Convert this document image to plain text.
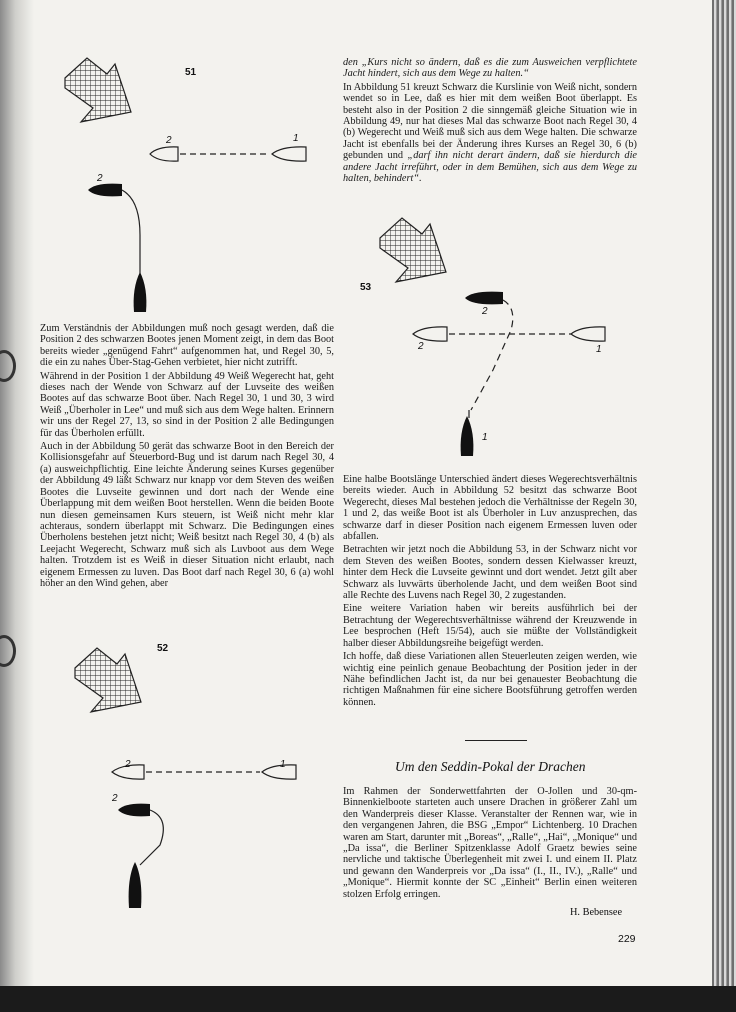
51
2	1
2

Zum Verständnis der Abbildungen muß noch gesagt werden, daß die Position 2 des schwarzen Bootes jenen Moment zeigt, in dem das Boot bereits wieder „genügend Fahrt“ aufgenommen hat, und Regel 30, 5, die ein zu nahes Über-Stag-Gehen verbietet, hier nicht zutrifft.

Während in der Position 1 der Abbildung 49 Weiß Wegerecht hat, geht dieses nach der Wende von Schwarz auf der Luvseite des weißen Bootes auf das schwarze Boot über. Nach Regel 30, 1 und 30, 3 wird Weiß „Überholer in Lee“ und muß sich aus dem Wege halten. Erinnern wir uns der Regel 27, 13, so sind in der Position 2 alle Bedingungen für das Überholen erfüllt.

Auch in der Abbildung 50 gerät das schwarze Boot in den Bereich der Kollisionsgefahr auf Steuerbord-Bug und ist darum nach Regel 30, 4 (a) ausweichpflichtig. Eine leichte Änderung seines Kurses gegenüber der Abbildung 49 läßt Schwarz nur knapp vor dem Steven des weißen Bootes die Luvseite gewinnen und dort nach der Wende eine Überlappung mit dem weißen Boot herstellen. Wenn die beiden Boote nun diesen gemeinsamen Kurs steuern, ist Weiß nicht mehr klar achteraus, sondern überlappt mit Schwarz. Die Bedingungen eines Überholens bestehen jetzt nicht; Weiß besitzt nach Regel 30, 4 (b) als Leejacht Wegerecht, Schwarz muß sich als Luvboot aus dem Wege halten. Trotzdem ist es Weiß in dieser Situation nicht erlaubt, nach eigenem Ermessen zu luven. Das Boot darf nach Regel 30, 6 (a) wohl höher an den Wind gehen, aber

52
2	1
2

den „Kurs nicht so ändern, daß es die zum Ausweichen verpflichtete Jacht hindert, sich aus dem Wege zu halten.“

In Abbildung 51 kreuzt Schwarz die Kurslinie von Weiß nicht, sondern wendet so in Lee, daß es hier mit dem weißen Boot überlappt. Es besteht also in der Position 2 die sinngemäß gleiche Situation wie in Abbildung 49, nur hat dieses Mal das schwarze Boot nach Regel 30, 4 (b) Wegerecht und Weiß muß sich aus dem Wege halten. Die schwarze Jacht ist ebenfalls bei der Änderung ihres Kurses an Regel 30, 6 (b) gebunden und „darf ihn nicht derart ändern, daß sie hierdurch die andere Jacht irreführt, oder in dem Bemühen, sich aus dem Wege zu halten, behindert“.

53
2
2	1
1

Eine halbe Bootslänge Unterschied ändert dieses Wegerechtsverhältnis bereits wieder. Auch in Abbildung 52 besitzt das schwarze Boot Wegerecht, dieses Mal bestehen jedoch die Verhältnisse der Regeln 30, 1 und 2, das weiße Boot ist als Überholer in Luv anzusprechen, das schwarze darf in dieser Position nach eigenem Ermessen luven oder abfallen.

Betrachten wir jetzt noch die Abbildung 53, in der Schwarz nicht vor dem Steven des weißen Bootes, sondern dessen Kielwasser kreuzt, hinter dem Heck die Luvseite gewinnt und dort wendet. Jetzt gilt aber Schwarz als luvwärts überholende Jacht, und dem weißen Boot sind alle Rechte des Luvens nach Regel 30, 2 zugestanden.

Eine weitere Variation haben wir bereits ausführlich bei der Betrachtung der Wegerechtsverhältnisse während der Kreuzwende in Lee besprochen (Heft 15/54), auch sie müßte der Vollständigkeit halber dieser Abbildungsreihe beigefügt werden.

Ich hoffe, daß diese Variationen allen Steuerleuten zeigen werden, wie wichtig eine peinlich genaue Beobachtung der Position jeder in der Nähe befindlichen Jacht ist, da nur bei genauester Beobachtung die richtigen Maßnahmen für eine sichere Bootsführung getroffen werden können.

Um den Seddin-Pokal der Drachen

Im Rahmen der Sonderwettfahrten der O-Jollen und 30-qm-Binnenkielboote starteten auch unsere Drachen in größerer Zahl um den Wanderpreis dieser Klasse. Veranstalter der Rennen war, wie in den vergangenen Jahren, die BSG „Empor“ Lichtenberg. 10 Drachen waren am Start, darunter mit „Boreas“, „Ralle“, „Hai“, „Monique“ und „Da issa“, die Berliner Spitzenklasse Adolf Graetz bewies seine nervliche und taktische Überlegenheit mit zwei I. und einem II. Platz und gewann den Wanderpreis vor „Da issa“ (I., II., IV.), „Ralle“ und „Monique“. Hiermit konnte der SC „Einheit“ Berlin einen weiteren stolzen Erfolg erringen.

H. Bebensee
229
